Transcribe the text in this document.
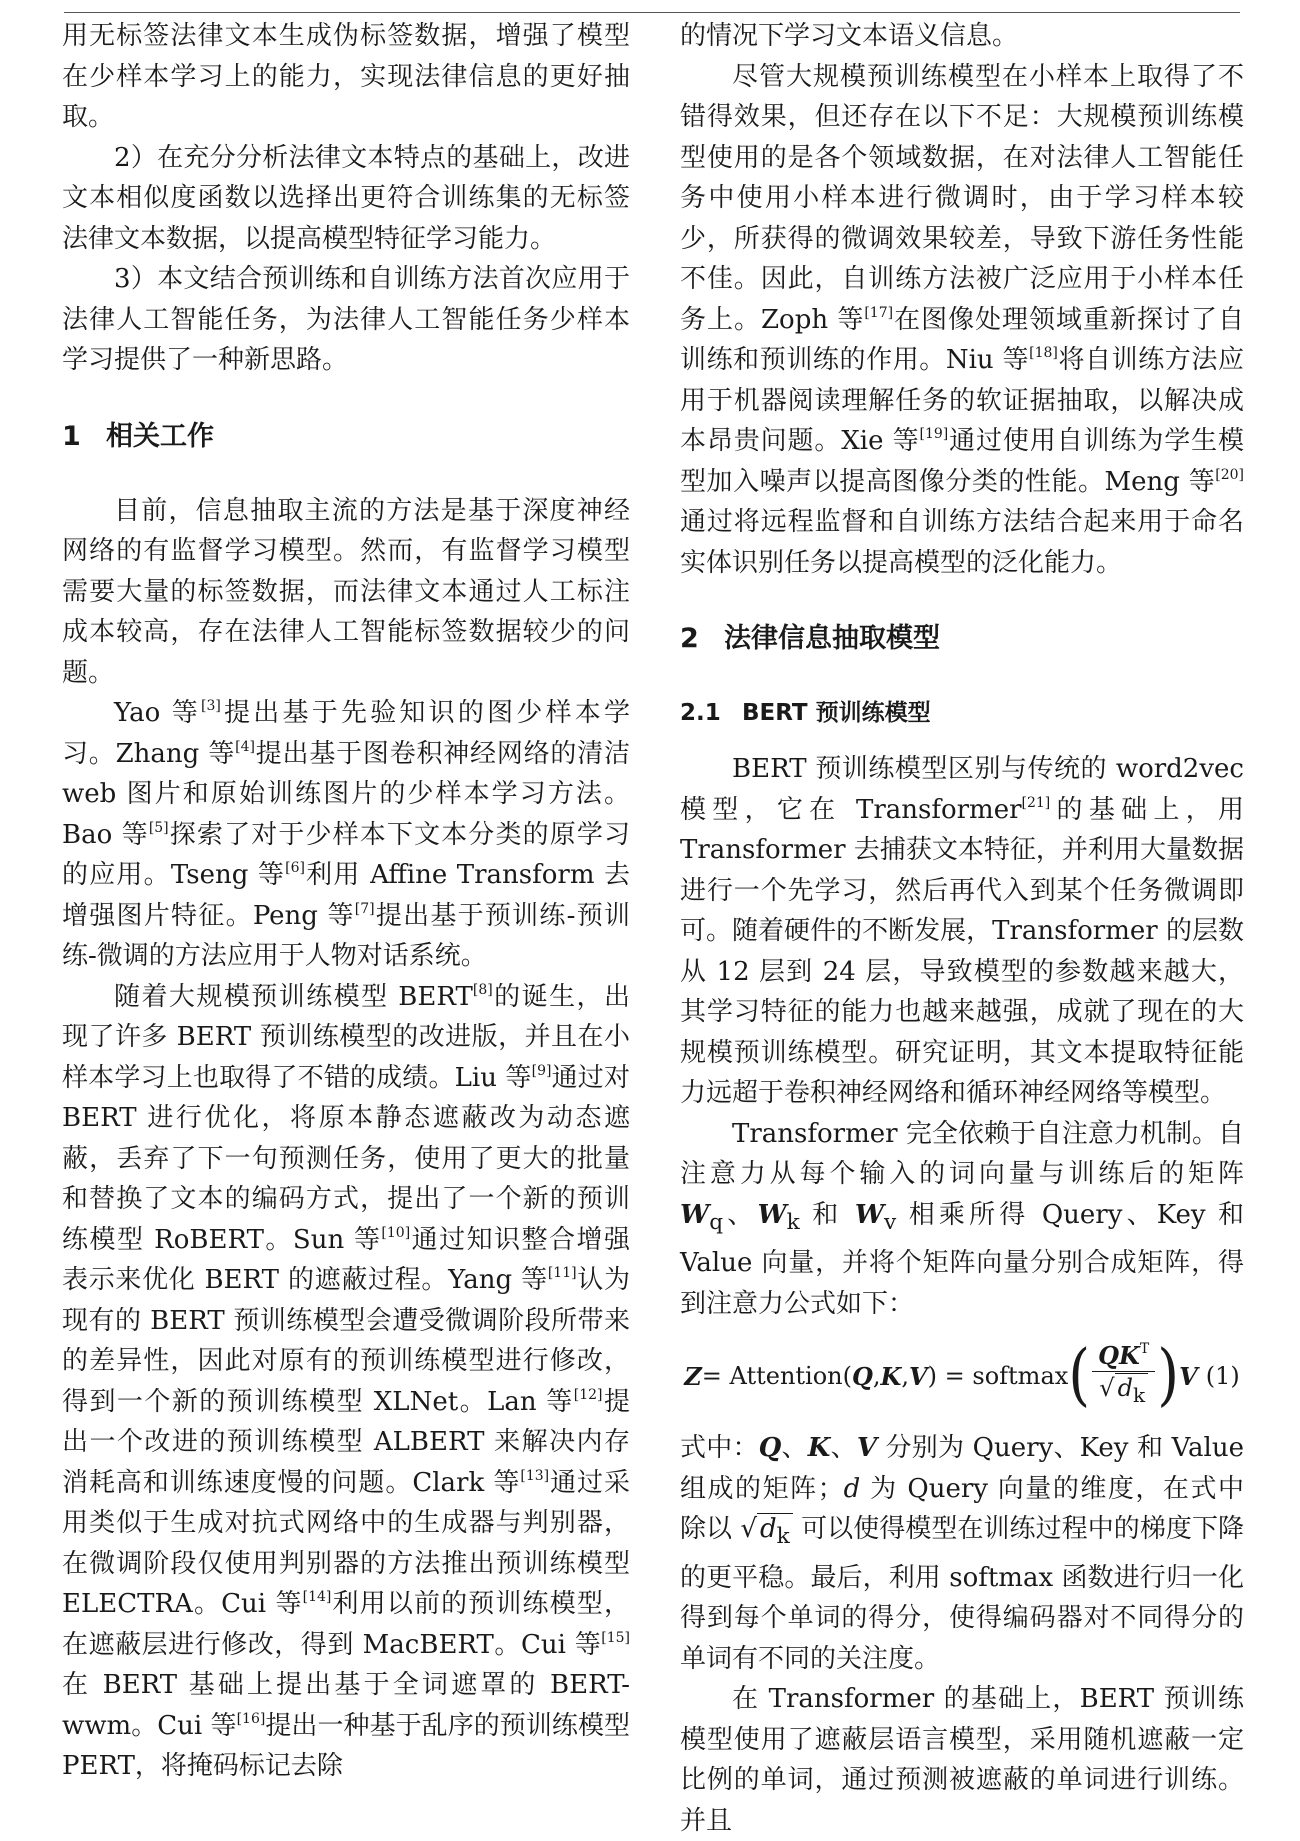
用无标签法律文本生成伪标签数据，增强了模型在少样本学习上的能力，实现法律信息的更好抽取。

2）在充分分析法律文本特点的基础上，改进文本相似度函数以选择出更符合训练集的无标签法律文本数据，以提高模型特征学习能力。

3）本文结合预训练和自训练方法首次应用于法律人工智能任务，为法律人工智能任务少样本学习提供了一种新思路。

1 相关工作

目前，信息抽取主流的方法是基于深度神经网络的有监督学习模型。然而，有监督学习模型需要大量的标签数据，而法律文本通过人工标注成本较高，存在法律人工智能标签数据较少的问题。

Yao 等[3]提出基于先验知识的图少样本学习。Zhang 等[4]提出基于图卷积神经网络的清洁 web 图片和原始训练图片的少样本学习方法。Bao 等[5]探索了对于少样本下文本分类的原学习的应用。Tseng 等[6]利用 Affine Transform 去增强图片特征。Peng 等[7]提出基于预训练-预训练-微调的方法应用于人物对话系统。

随着大规模预训练模型 BERT[8]的诞生，出现了许多 BERT 预训练模型的改进版，并且在小样本学习上也取得了不错的成绩。Liu 等[9]通过对 BERT 进行优化，将原本静态遮蔽改为动态遮蔽，丢弃了下一句预测任务，使用了更大的批量和替换了文本的编码方式，提出了一个新的预训练模型 RoBERT。Sun 等[10]通过知识整合增强表示来优化 BERT 的遮蔽过程。Yang 等[11]认为现有的 BERT 预训练模型会遭受微调阶段所带来的差异性，因此对原有的预训练模型进行修改，得到一个新的预训练模型 XLNet。Lan 等[12]提出一个改进的预训练模型 ALBERT 来解决内存消耗高和训练速度慢的问题。Clark 等[13]通过采用类似于生成对抗式网络中的生成器与判别器，在微调阶段仅使用判别器的方法推出预训练模型 ELECTRA。Cui 等[14]利用以前的预训练模型，在遮蔽层进行修改，得到 MacBERT。Cui 等[15]在 BERT 基础上提出基于全词遮罩的 BERT-wwm。Cui 等[16]提出一种基于乱序的预训练模型 PERT，将掩码标记去除

的情况下学习文本语义信息。

尽管大规模预训练模型在小样本上取得了不错得效果，但还存在以下不足：大规模预训练模型使用的是各个领域数据，在对法律人工智能任务中使用小样本进行微调时，由于学习样本较少，所获得的微调效果较差，导致下游任务性能不佳。因此，自训练方法被广泛应用于小样本任务上。Zoph 等[17]在图像处理领域重新探讨了自训练和预训练的作用。Niu 等[18]将自训练方法应用于机器阅读理解任务的软证据抽取，以解决成本昂贵问题。Xie 等[19]通过使用自训练为学生模型加入噪声以提高图像分类的性能。Meng 等[20]通过将远程监督和自训练方法结合起来用于命名实体识别任务以提高模型的泛化能力。

2 法律信息抽取模型
2.1 BERT 预训练模型

BERT 预训练模型区别与传统的 word2vec 模型，它在 Transformer[21]的基础上，用 Transformer 去捕获文本特征，并利用大量数据进行一个先学习，然后再代入到某个任务微调即可。随着硬件的不断发展，Transformer 的层数从 12 层到 24 层，导致模型的参数越来越大，其学习特征的能力也越来越强，成就了现在的大规模预训练模型。研究证明，其文本提取特征能力远超于卷积神经网络和循环神经网络等模型。

Transformer 完全依赖于自注意力机制。自注意力从每个输入的词向量与训练后的矩阵 $W_q$、$W_k$ 和 $W_v$ 相乘所得 Query、Key 和 Value 向量，并将个矩阵向量分别合成矩阵，得到注意力公式如下：

Z = Attention( Q , K , V ) = softmax ( $\frac{QK^T}{√ d_k}$ ) V (1)

式中：Q、K、V 分别为 Query、Key 和 Value 组成的矩阵；d 为 Query 向量的维度，在式中除以 √ $d_k$ 可以使得模型在训练过程中的梯度下降的更平稳。最后，利用 softmax 函数进行归一化得到每个单词的得分，使得编码器对不同得分的单词有不同的关注度。

在 Transformer 的基础上，BERT 预训练模型使用了遮蔽层语言模型，采用随机遮蔽一定比例的单词，通过预测被遮蔽的单词进行训练。并且
